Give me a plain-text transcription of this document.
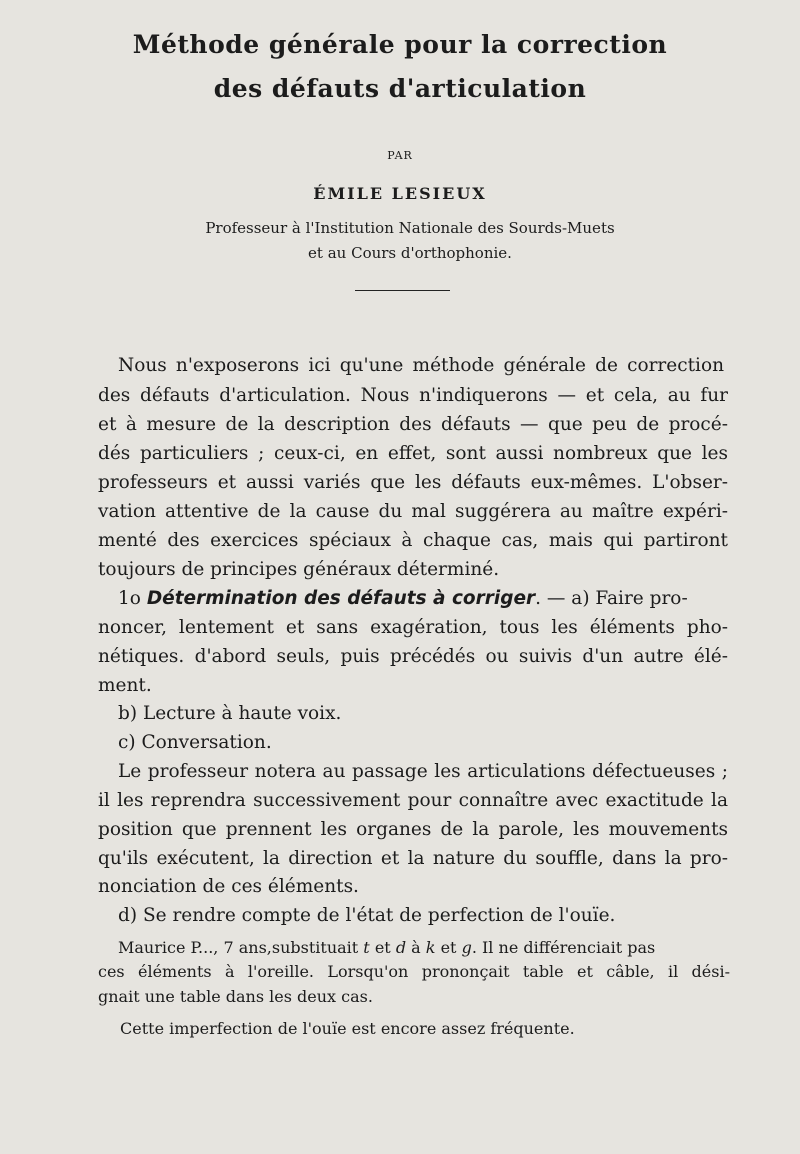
Méthode générale pour la correction
des défauts d'articulation
PAR
ÉMILE LESIEUX
Professeur à l'Institution Nationale des Sourds-Muets
et au Cours d'orthophonie.

Nous n'exposerons ici qu'une méthode générale de correction

des défauts d'articulation. Nous n'indiquerons — et cela, au fur

et à mesure de la description des défauts — que peu de procé-

dés particuliers ; ceux-ci, en effet, sont aussi nombreux que les

professeurs et aussi variés que les défauts eux-mêmes. L'obser-

vation attentive de la cause du mal suggérera au maître expéri-

menté des exercices spéciaux à chaque cas, mais qui partiront

toujours de principes généraux déterminé.

1o Détermination des défauts à corriger. — a) Faire pro-

noncer, lentement et sans exagération, tous les éléments pho-

nétiques. d'abord seuls, puis précédés ou suivis d'un autre élé-

ment.

b) Lecture à haute voix.

c) Conversation.

Le professeur notera au passage les articulations défectueuses ;

il les reprendra successivement pour connaître avec exactitude la

position que prennent les organes de la parole, les mouvements

qu'ils exécutent, la direction et la nature du souffle, dans la pro-

nonciation de ces éléments.

d) Se rendre compte de l'état de perfection de l'ouïe.

Maurice P..., 7 ans,substituait t et d à k et g. Il ne différenciait pas

ces éléments à l'oreille. Lorsqu'on prononçait table et câble, il dési-

gnait une table dans les deux cas.

Cette imperfection de l'ouïe est encore assez fréquente.
